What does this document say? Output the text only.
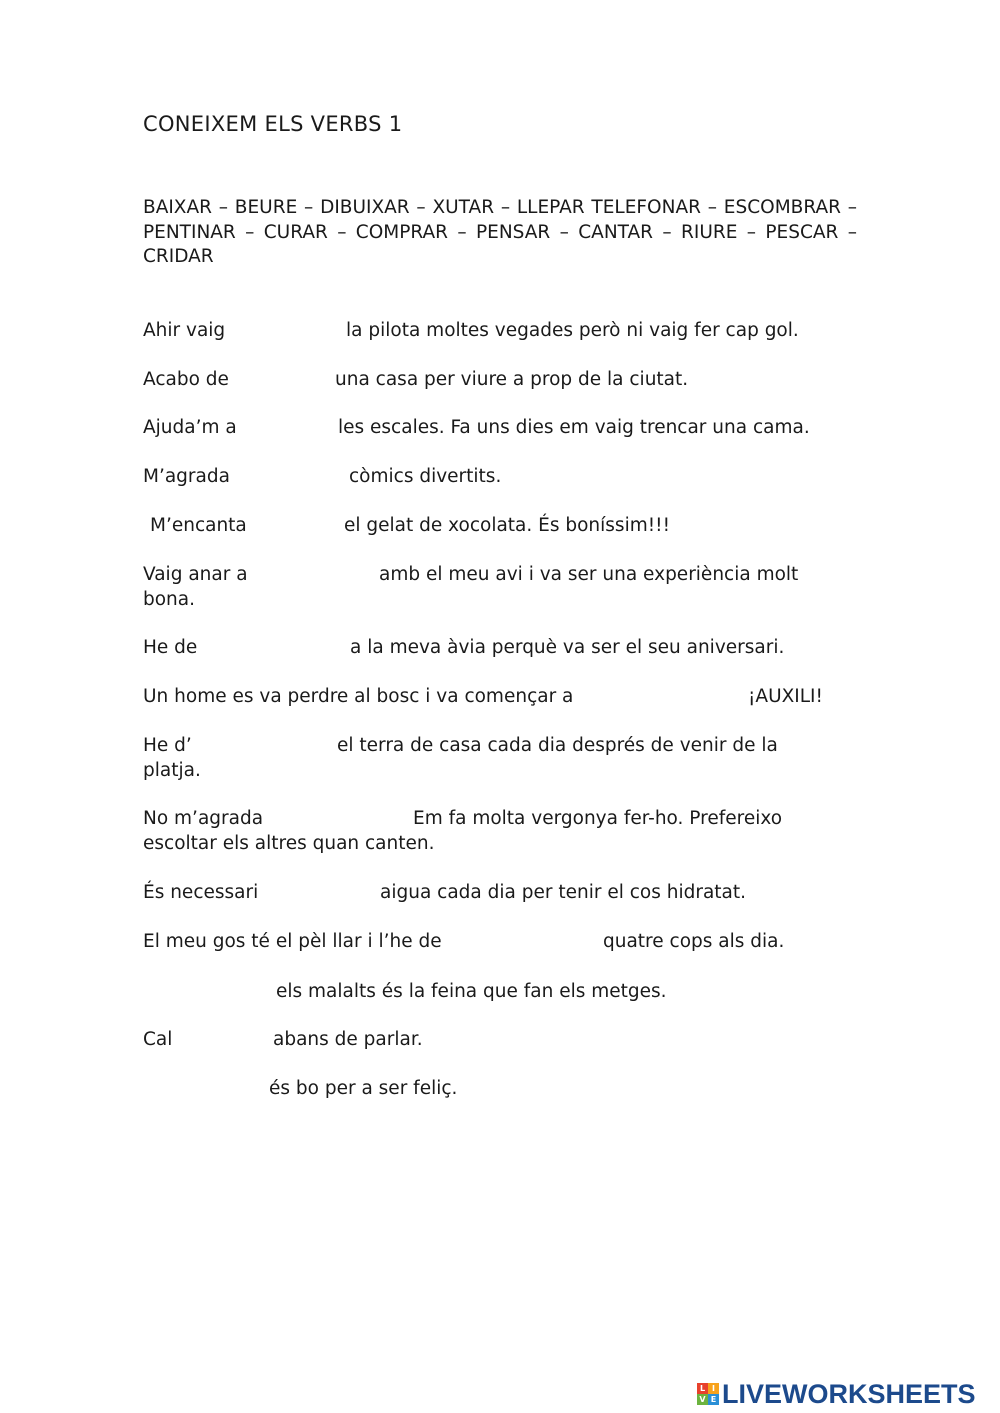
CONEIXEM ELS VERBS 1

BAIXAR – BEURE – DIBUIXAR – XUTAR – LLEPAR TELEFONAR – ESCOMBRAR – PENTINAR – CURAR – COMPRAR – PENSAR – CANTAR – RIURE – PESCAR – CRIDAR

Ahir vaig	la pilota moltes vegades però ni vaig fer cap gol.
Acabo de	una casa per viure a prop de la ciutat.
Ajuda’m a	les escales. Fa uns dies em vaig trencar una cama.
M’agrada	còmics divertits.
M’encanta	el gelat de xocolata. És boníssim!!!
Vaig anar a	amb el meu avi i va ser una experiència molt
bona.
He de	a la meva àvia perquè va ser el seu aniversari.
Un home es va perdre al bosc i va començar a	¡AUXILI!
He d’	el terra de casa cada dia després de venir de la
platja.
No m’agrada	Em fa molta vergonya fer-ho. Prefereixo
escoltar els altres quan canten.
És necessari	aigua cada dia per tenir el cos hidratat.
El meu gos té el pèl llar i l’he de	quatre cops als dia.
els malalts és la feina que fan els metges.
Cal	abans de parlar.
és bo per a ser feliç.
L I
V E LIVEWORKSHEETS
